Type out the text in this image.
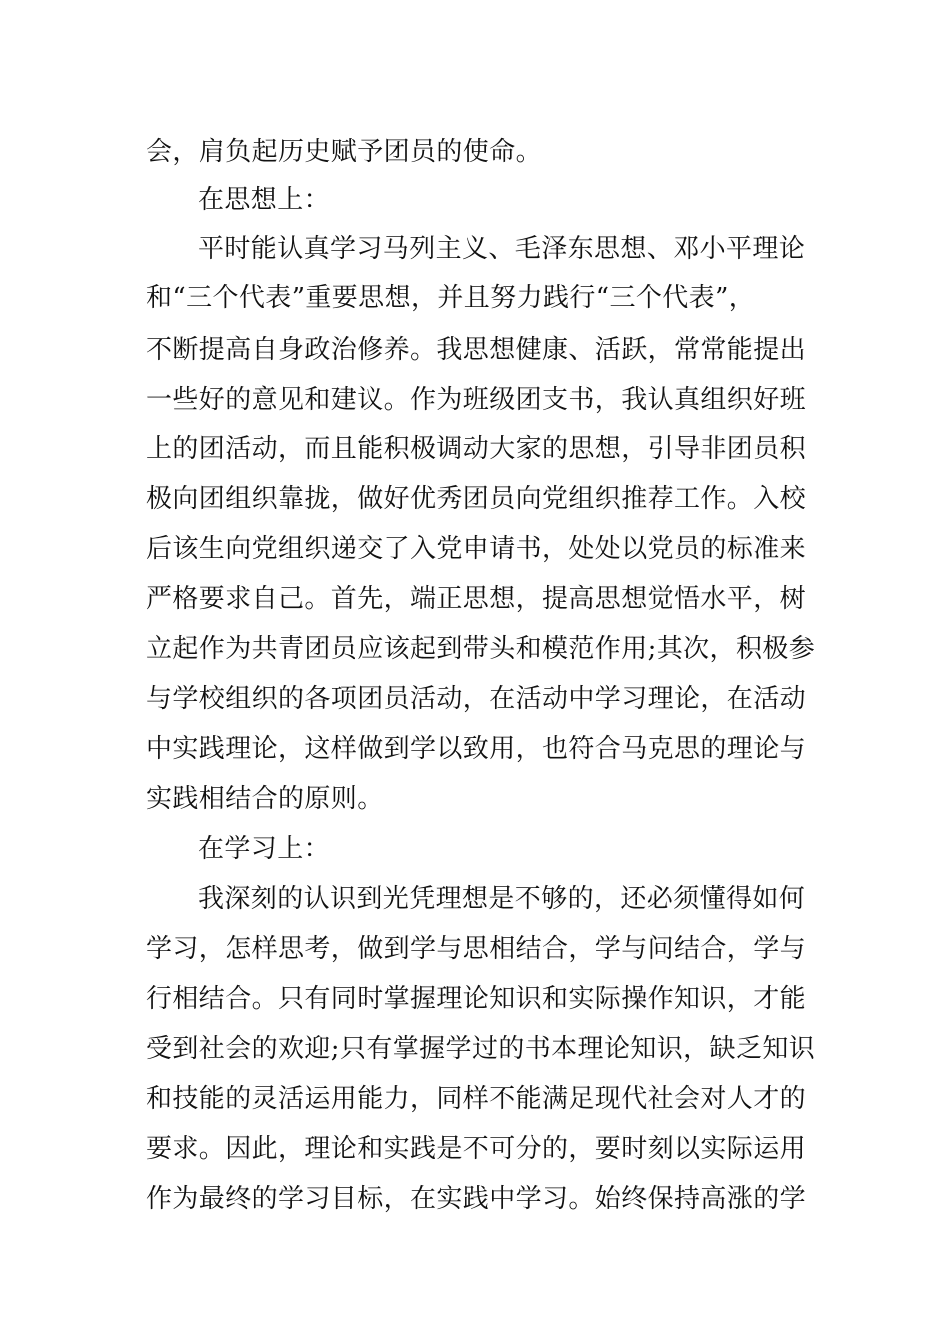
会，肩负起历史赋予团员的使命。
在思想上：
平时能认真学习马列主义、毛泽东思想、邓小平理论
和“三个代表”重要思想，并且努力践行“三个代表”，
不断提高自身政治修养。我思想健康、活跃，常常能提出
一些好的意见和建议。作为班级团支书，我认真组织好班
上的团活动，而且能积极调动大家的思想，引导非团员积
极向团组织靠拢，做好优秀团员向党组织推荐工作。入校
后该生向党组织递交了入党申请书，处处以党员的标准来
严格要求自己。首先，端正思想，提高思想觉悟水平，树
立起作为共青团员应该起到带头和模范作用;其次，积极参
与学校组织的各项团员活动，在活动中学习理论，在活动
中实践理论，这样做到学以致用，也符合马克思的理论与
实践相结合的原则。
在学习上：
我深刻的认识到光凭理想是不够的，还必须懂得如何
学习，怎样思考，做到学与思相结合，学与问结合，学与
行相结合。只有同时掌握理论知识和实际操作知识，才能
受到社会的欢迎;只有掌握学过的书本理论知识，缺乏知识
和技能的灵活运用能力，同样不能满足现代社会对人才的
要求。因此，理论和实践是不可分的，要时刻以实际运用
作为最终的学习目标，在实践中学习。始终保持高涨的学
